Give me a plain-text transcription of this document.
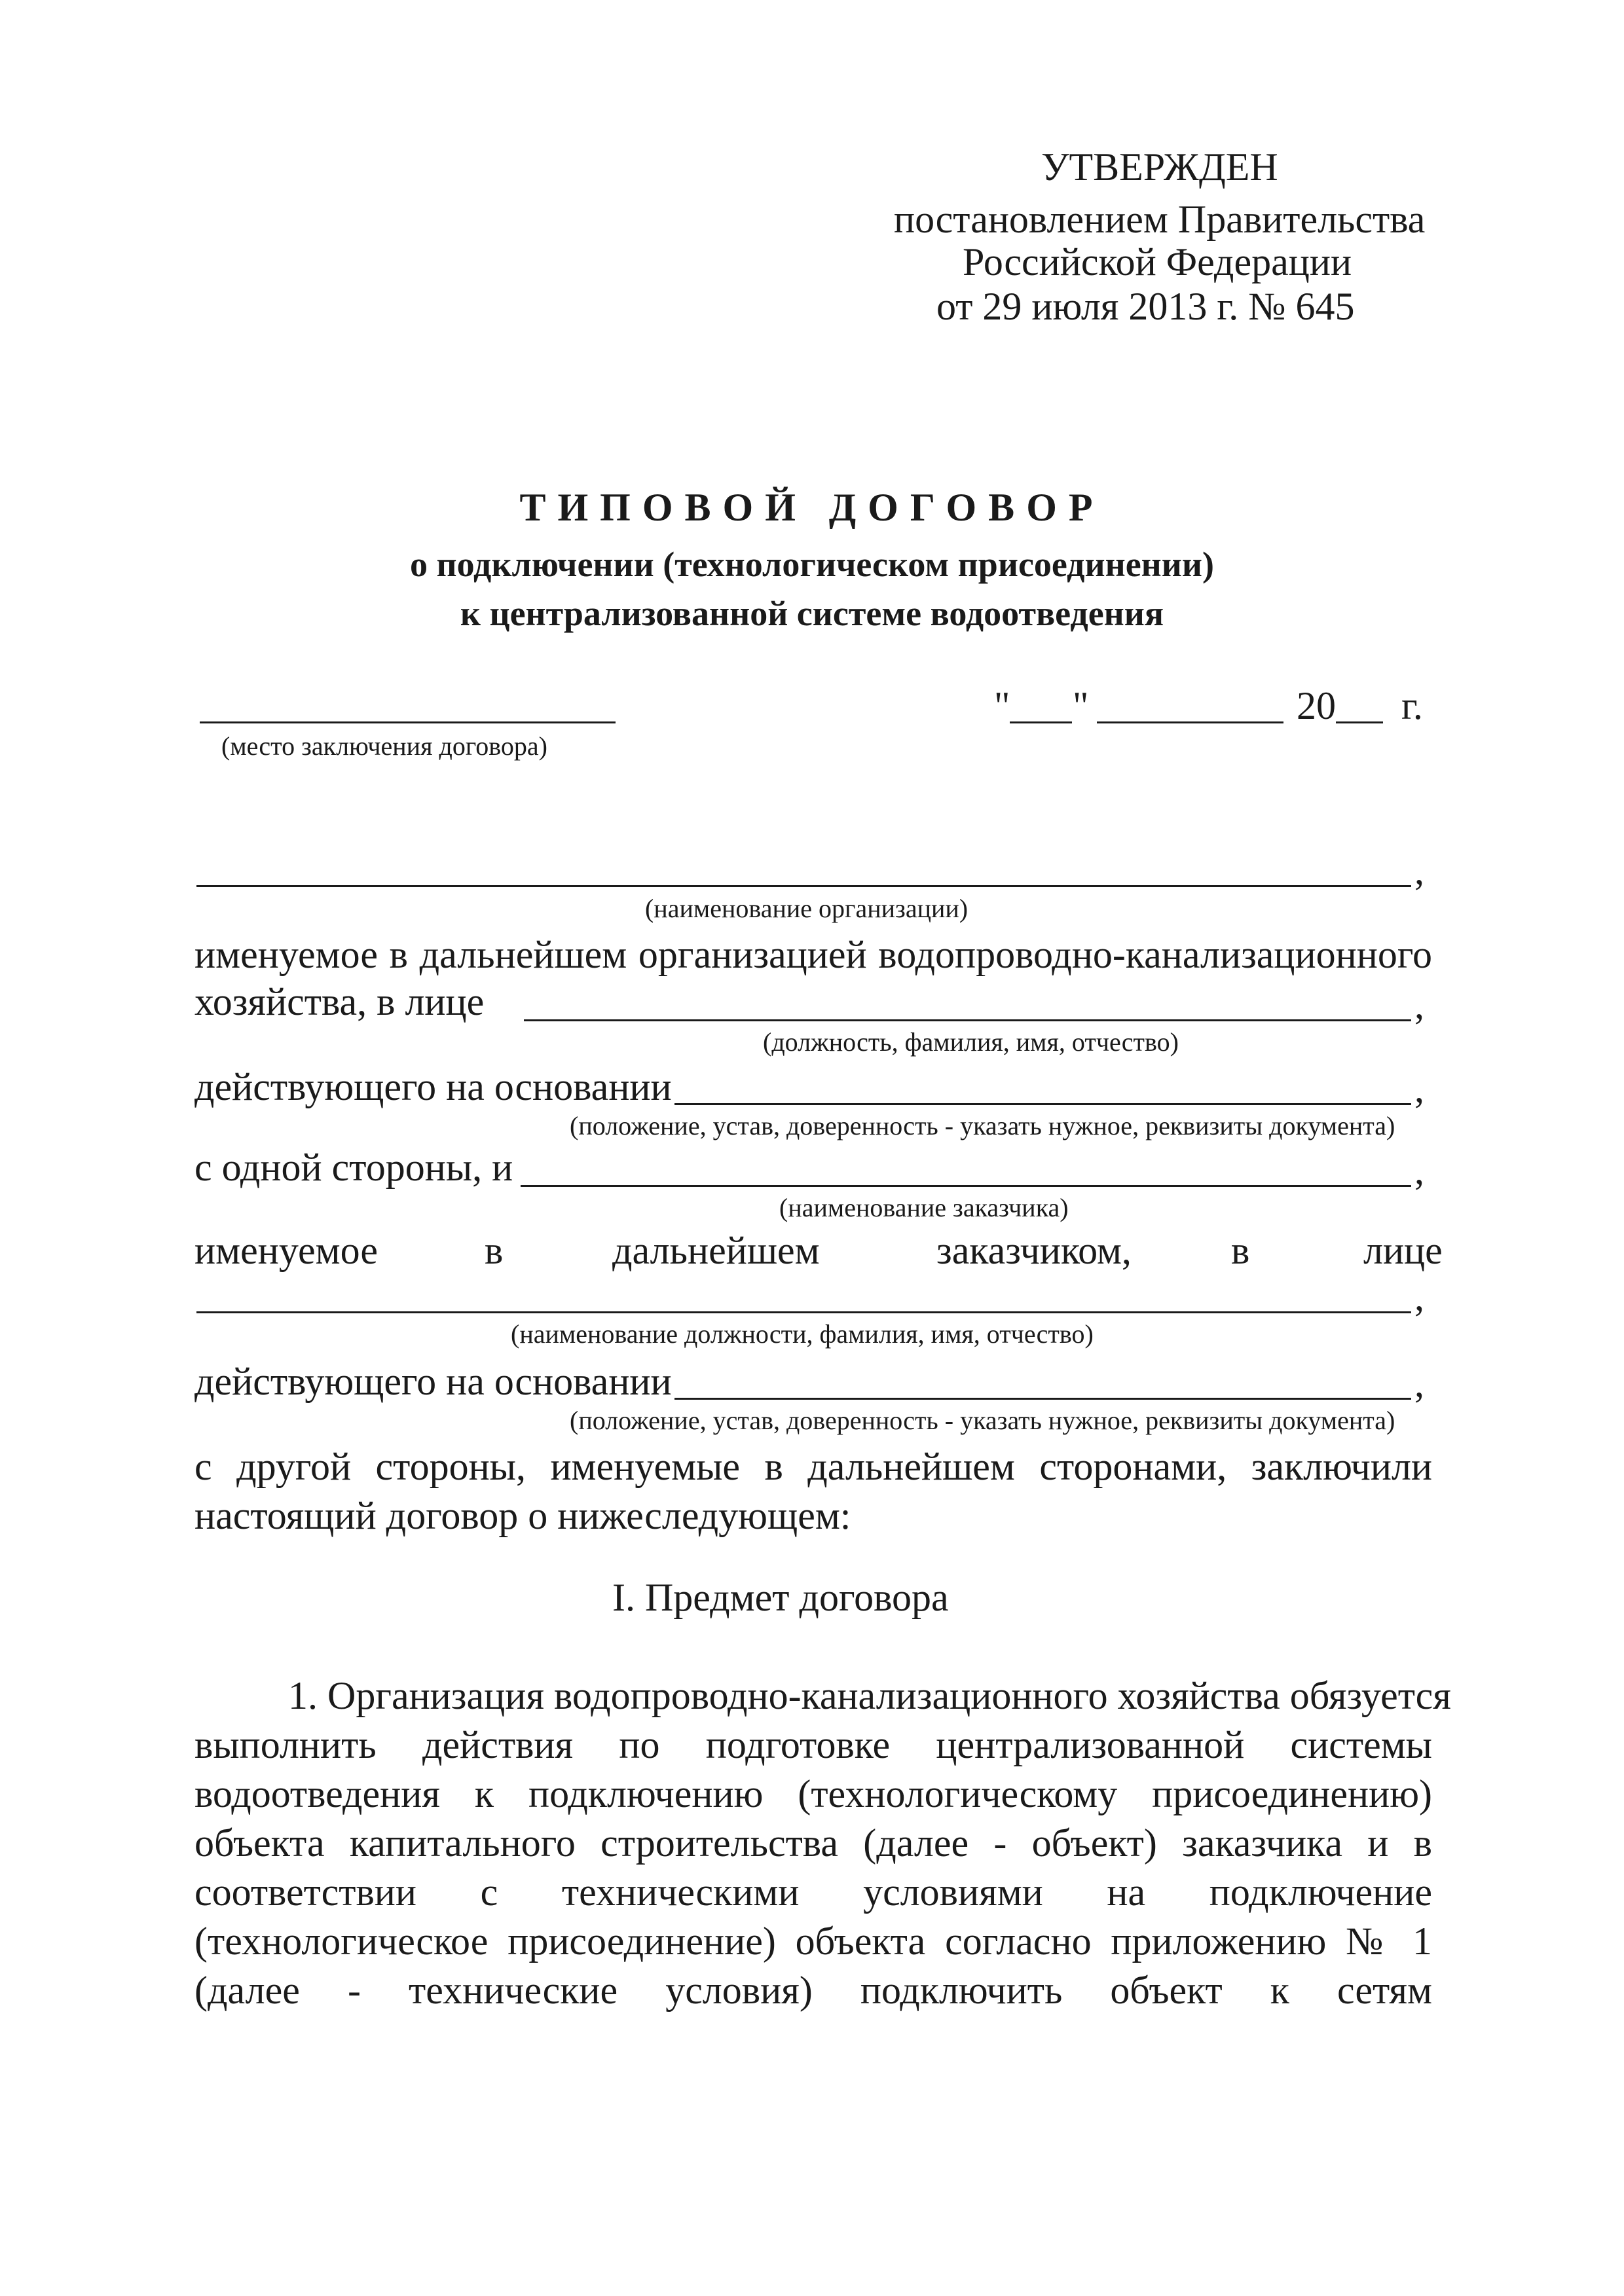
УТВЕРЖДЕН
постановлением Правительства
Российской Федерации
от 29 июля 2013 г. № 645
ТИПОВОЙ ДОГОВОР
о подключении (технологическом присоединении)
к централизованной системе водоотведения
(место заключения договора)
" "	20 г.
,
(наименование организации)
именуемое в дальнейшем организацией водопроводно-канализационного
хозяйства, в лице	,
(должность, фамилия, имя, отчество)
действующего на основании	,
(положение, устав, доверенность - указать нужное, реквизиты документа)
с одной стороны, и	,
(наименование заказчика)
именуемое	в	дальнейшем	заказчиком,	в	лице
,
(наименование должности, фамилия, имя, отчество)
действующего на основании	,
(положение, устав, доверенность - указать нужное, реквизиты документа)
с другой стороны, именуемые в дальнейшем сторонами, заключили
настоящий договор о нижеследующем:
I. Предмет договора
1. Организация водопроводно-канализационного хозяйства обязуется
выполнить действия по подготовке централизованной системы
водоотведения к подключению (технологическому присоединению)
объекта капитального строительства (далее - объект) заказчика и в
соответствии с техническими условиями на подключение
(технологическое присоединение) объекта согласно приложению № 1
(далее - технические условия) подключить объект к сетям
